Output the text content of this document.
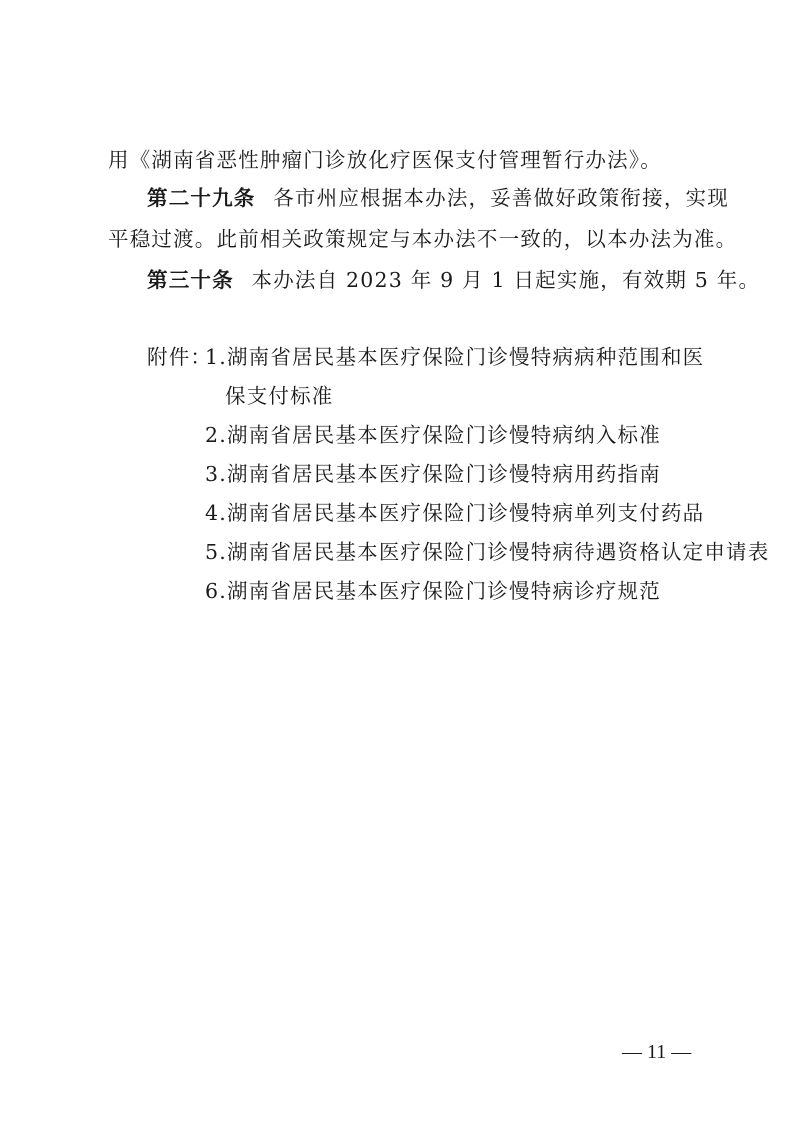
用《湖南省恶性肿瘤门诊放化疗医保支付管理暂行办法》。
第二十九条 各市州应根据本办法，妥善做好政策衔接，实现
平稳过渡。此前相关政策规定与本办法不一致的，以本办法为准。
第三十条 本办法自 2023 年 9 月 1 日起实施，有效期 5 年。
附件：
1.湖南省居民基本医疗保险门诊慢特病病种范围和医
保支付标准
2.湖南省居民基本医疗保险门诊慢特病纳入标准
3.湖南省居民基本医疗保险门诊慢特病用药指南
4.湖南省居民基本医疗保险门诊慢特病单列支付药品
5.湖南省居民基本医疗保险门诊慢特病待遇资格认定申请表
6.湖南省居民基本医疗保险门诊慢特病诊疗规范
— 11 —
